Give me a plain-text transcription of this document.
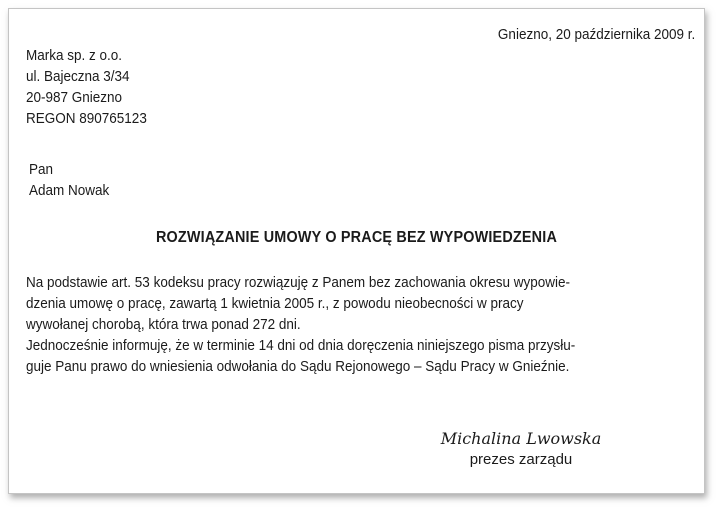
Gniezno, 20 października 2009 r.
Marka sp. z o.o.
ul. Bajeczna 3/34
20-987 Gniezno
REGON 890765123
Pan
Adam Nowak
ROZWIĄZANIE UMOWY O PRACĘ BEZ WYPOWIEDZENIA
Na podstawie art. 53 kodeksu pracy rozwiązuję z Panem bez zachowania okresu wypowie-
dzenia umowę o pracę, zawartą 1 kwietnia 2005 r., z powodu nieobecności w pracy
wywołanej chorobą, która trwa ponad 272 dni.
Jednocześnie informuję, że w terminie 14 dni od dnia doręczenia niniejszego pisma przysłu-
guje Panu prawo do wniesienia odwołania do Sądu Rejonowego – Sądu Pracy w Gnieźnie.
Michalina Lwowska
prezes zarządu
